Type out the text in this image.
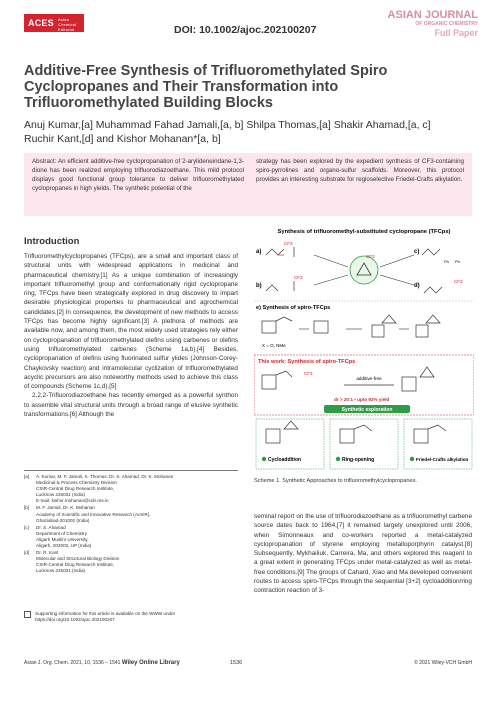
ACES Asian Chemical Editorial Society	DOI: 10.1002/ajoc.202100207
ASIAN JOURNAL
OF ORGANIC CHEMISTRY
Full Paper
Additive-Free Synthesis of Trifluoromethylated Spiro Cyclopropanes and Their Transformation into Trifluoromethylated Building Blocks
Anuj Kumar,[a] Muhammad Fahad Jamali,[a, b] Shilpa Thomas,[a] Shakir Ahamad,[a, c]
Ruchir Kant,[d] and Kishor Mohanan*[a, b]
Abstract: An efficient additive-free cyclopropanation of 2-arylideneindane-1,3-dione has been realized employing trifluorodiazoethane. This mild protocol displays good functional group tolerance to deliver trifluoromethylated cyclopropanes in high yields. The synthetic potential of the
strategy has been explored by the expedient synthesis of CF3-containing spiro-pyrrolines and organo-sulfur scaffolds. Moreover, this protocol provides an interesting substrate for regioselective Friedel-Crafts alkylation.
Introduction

Trifluoromethylcyclopropanes (TFCps), are a small and important class of structural units with widespread applications in medicinal and pharmaceutical chemistry.[1] As a unique combination of increasingly important trifluoromethyl group and conformationally rigid cyclopropane ring, TFCps have been strategically explored in drug discovery to impart desirable physiological properties to pharmaceutical and agrochemical candidates.[2] In consequence, the development of new methods to access TFCps has become highly significant.[3] A plethora of methods are available now, and among them, the most widely used strategies rely either on cyclopropanation of trifluoromethylated olefins using carbenes or olefins using trifluoromethylated carbenes (Scheme 1a,b).[4] Besides, cyclopropanation of olefins using fluorinated sulfur ylides (Johnson-Corey-Chaykovsky reaction) and intramolecular cyclization of trifluoromethylated acyclic precursors are also noteworthy methods used to achieve this class of compounds (Scheme 1c,d).[5]

2,2,2-Trifluorodiazoethane has recently emerged as a powerful synthon to assemble vital structural units through a broad range of elusive synthetic transformations.[6] Although the

[a]	A. Kumar, M. F. Jamali, S. Thomas, Dr. S. Ahamad, Dr. K. Mohanan
Medicinal & Process Chemistry Division
CSIR-Central Drug Research Institute,
Lucknow 226031 (India)
E-mail: kishor.mohanan@cdri.res.in
[b]	M. F. Jamali, Dr. K. Mohanan
Academy of Scientific and Innovative Research (AcSIR),
Ghaziabad-201002 (India)
[c]	Dr. S. Ahamad
Department of Chemistry
Aligarh Muslim University,
Aligarh, 202002, UP (India)
[d]	Dr. R. Kant
Molecular and Structural Biology Division
CSIR-Central Drug Research Institute,
Lucknow 226031 (India)
Supporting information for this article is available on the WWW under https://doi.org/10.1002/ajoc.202100207
Synthesis of trifluoromethyl-substituted cyclopropane (TFCps)
a)
b)
c)
d)
CF3
CF3
CF3
Ph Ph
CF3
e) Synthesis of spiro-TFCps
X = O, NMe
This work: Synthesis of spiro-TFCps
CF3
additive-free
dr > 20:1 • upto 92% yield
Synthetic exploration
Cycloaddition	Ring-opening	Friedel-Crafts alkylation
Scheme 1. Synthetic Approaches to trifluoromethylcyclopropanes.
seminal report on the use of trifluorodiazoethane as a trifluoromethyl carbene source dates back to 1964,[7] it remained largely unexplored until 2006, when Simonneaux and co-workers reported a metal-catalyzed cyclopropanation of styrene employing metalloporphyrin catalyst.[8] Subsequently, Mykhailiuk, Carreira, Ma, and others explored this reagent to a great extent in generating TFCps under metal-catalyzed as well as metal-free conditions.[9] The groups of Cahard, Xiao and Ma developed convenient routes to access spiro-TFCps through the sequential [3+2] cycloaddition/ring contraction reaction of 3-
Asian J. Org. Chem. 2021, 10, 1536 – 1541 Wiley Online Library	1536	© 2021 Wiley-VCH GmbH
